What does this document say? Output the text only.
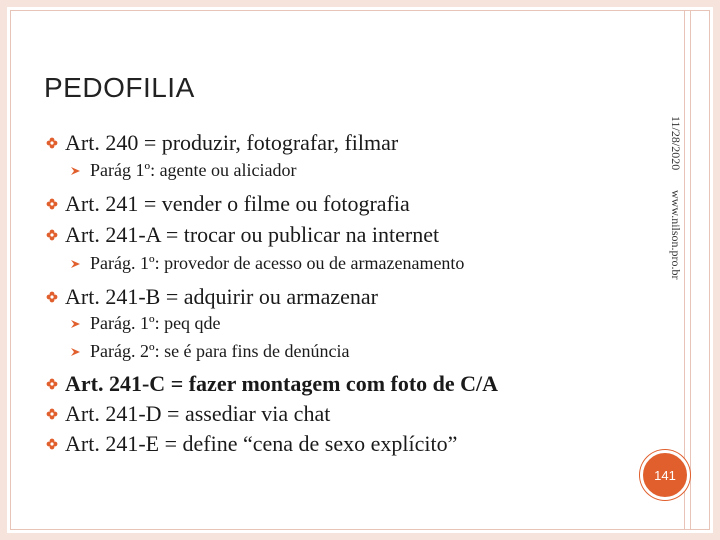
PEDOFILIA
Art. 240 = produzir, fotografar, filmar
Parág 1º: agente ou aliciador
Art. 241 = vender o filme ou fotografia
Art. 241-A = trocar ou publicar na internet
Parág. 1º: provedor de acesso ou de armazenamento
Art. 241-B = adquirir ou armazenar
Parág. 1º: peq qde
Parág. 2º: se é para fins de denúncia
Art. 241-C = fazer montagem com foto de C/A
Art. 241-D = assediar via chat
Art. 241-E = define “cena de sexo explícito”
11/28/2020
www.nilson.pro.br
141
